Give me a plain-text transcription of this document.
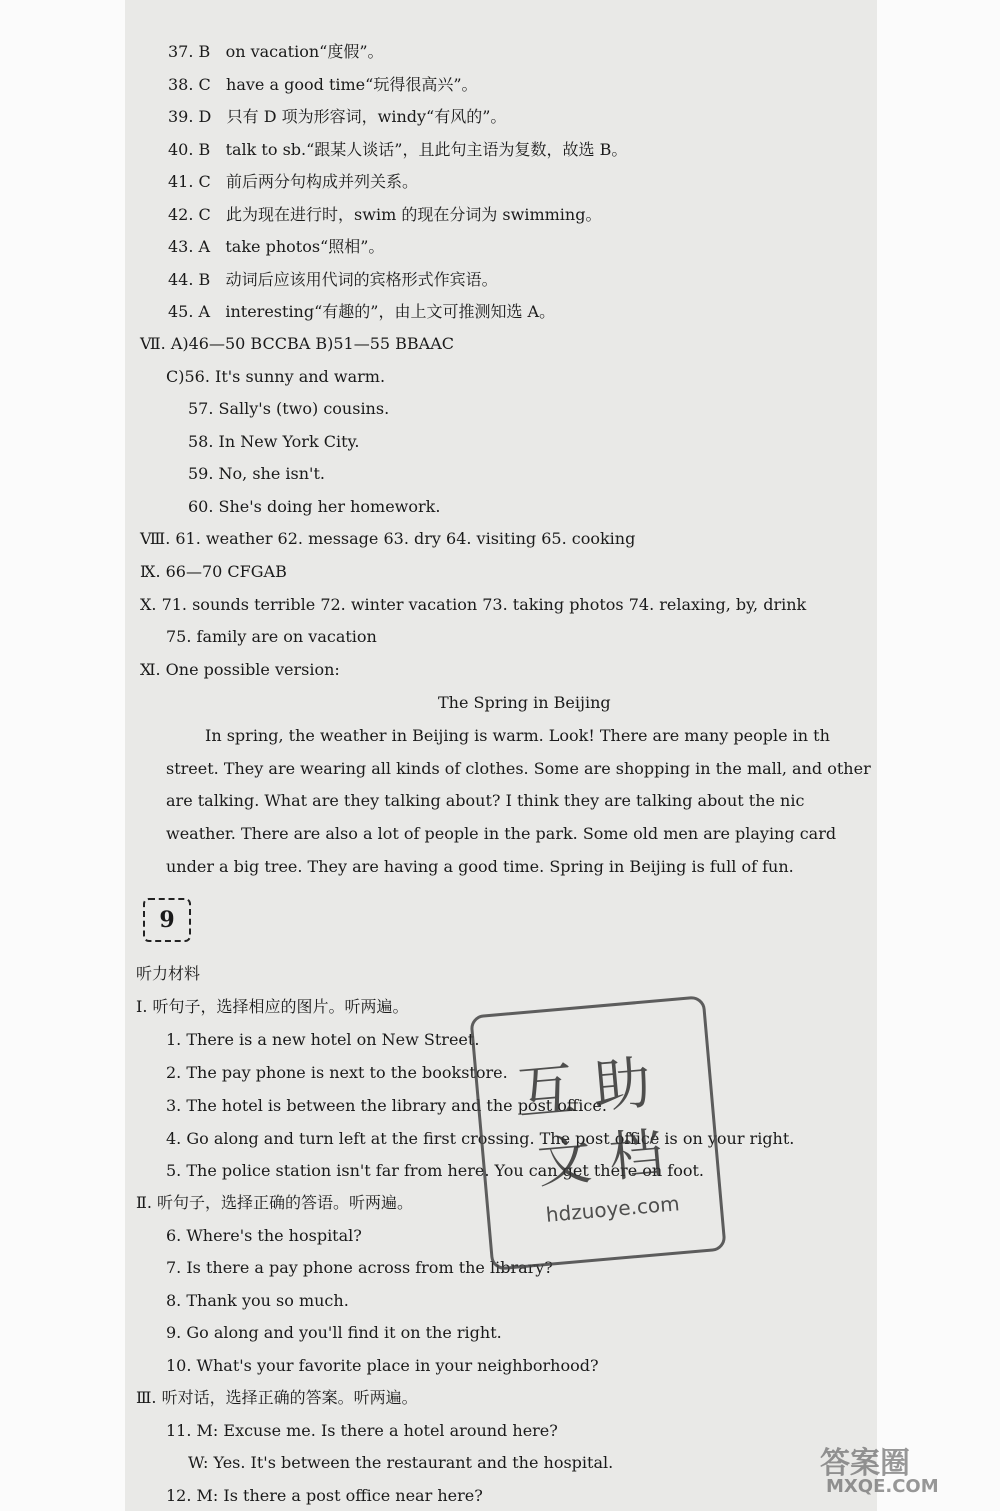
37. B on vacation“度假”。
38. C have a good time“玩得很高兴”。
39. D 只有 D 项为形容词，windy“有风的”。
40. B talk to sb.“跟某人谈话”，且此句主语为复数，故选 B。
41. C 前后两分句构成并列关系。
42. C 此为现在进行时，swim 的现在分词为 swimming。
43. A take photos“照相”。
44. B 动词后应该用代词的宾格形式作宾语。
45. A interesting“有趣的”，由上文可推测知选 A。
Ⅶ. A)46—50 BCCBA B)51—55 BBAAC
C)56. It's sunny and warm.
57. Sally's (two) cousins.
58. In New York City.
59. No, she isn't.
60. She's doing her homework.
Ⅷ. 61. weather 62. message 63. dry 64. visiting 65. cooking
Ⅸ. 66—70 CFGAB
Ⅹ. 71. sounds terrible 72. winter vacation 73. taking photos 74. relaxing, by, drink
75. family are on vacation
Ⅺ. One possible version:
The Spring in Beijing
In spring, the weather in Beijing is warm. Look! There are many people in th
street. They are wearing all kinds of clothes. Some are shopping in the mall, and other
are talking. What are they talking about? I think they are talking about the nic
weather. There are also a lot of people in the park. Some old men are playing card
under a big tree. They are having a good time. Spring in Beijing is full of fun.
9
听力材料
Ⅰ. 听句子，选择相应的图片。听两遍。
1. There is a new hotel on New Street.
2. The pay phone is next to the bookstore.
3. The hotel is between the library and the post office.
4. Go along and turn left at the first crossing. The post office is on your right.
5. The police station isn't far from here. You can get there on foot.
Ⅱ. 听句子，选择正确的答语。听两遍。
6. Where's the hospital?
7. Is there a pay phone across from the library?
8. Thank you so much.
9. Go along and you'll find it on the right.
10. What's your favorite place in your neighborhood?
Ⅲ. 听对话，选择正确的答案。听两遍。
11. M: Excuse me. Is there a hotel around here?
W: Yes. It's between the restaurant and the hospital.
12. M: Is there a post office near here?
互助
文档
hdzuoye.com
答案圈
MXQE.COM
